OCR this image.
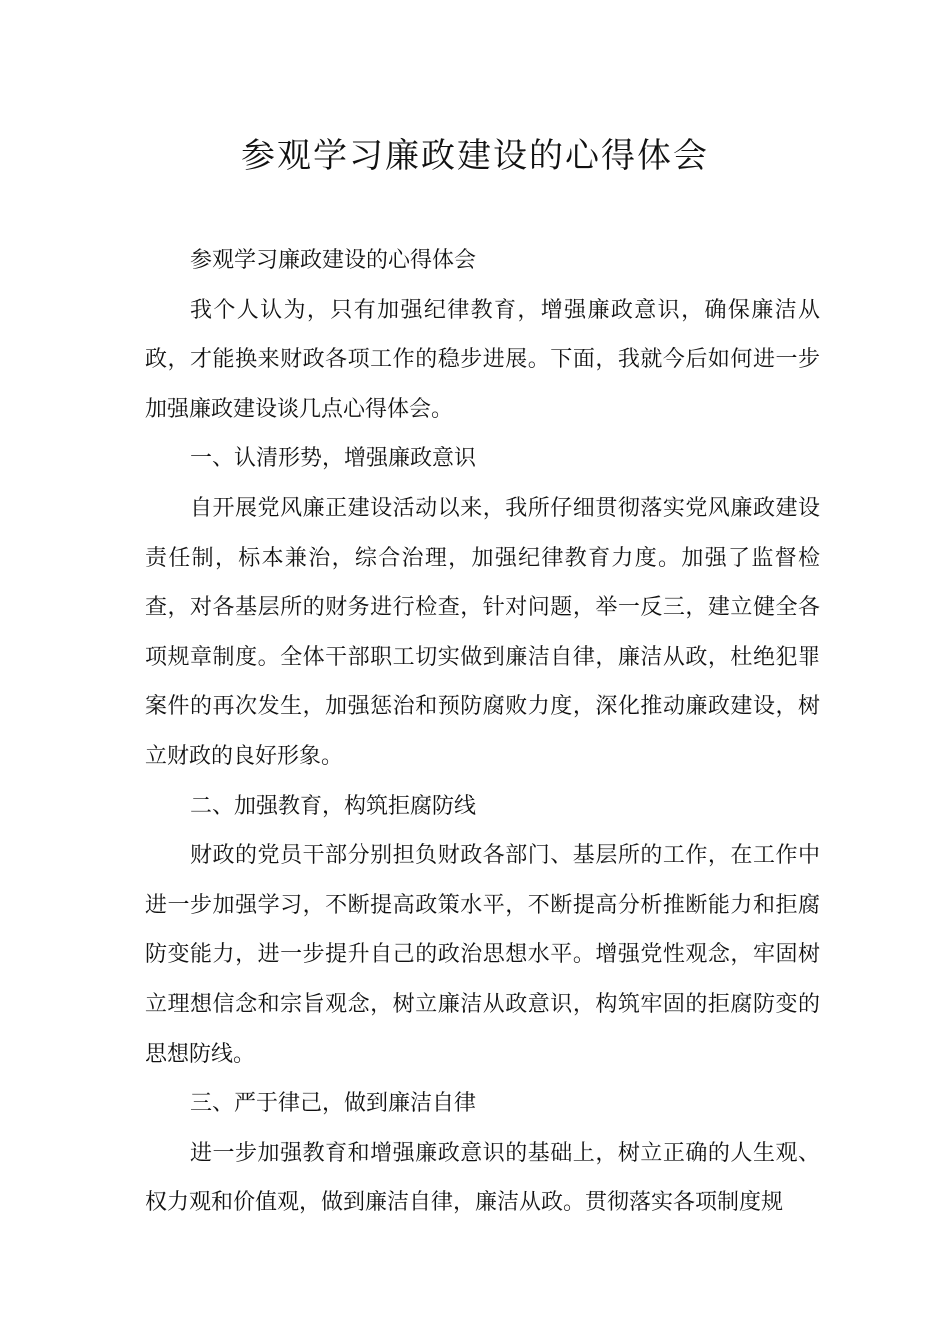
参观学习廉政建设的心得体会

参观学习廉政建设的心得体会

我个人认为，只有加强纪律教育，增强廉政意识，确保廉洁从政，才能换来财政各项工作的稳步进展。下面，我就今后如何进一步加强廉政建设谈几点心得体会。

一、认清形势，增强廉政意识

自开展党风廉正建设活动以来，我所仔细贯彻落实党风廉政建设责任制，标本兼治，综合治理，加强纪律教育力度。加强了监督检查，对各基层所的财务进行检查，针对问题，举一反三，建立健全各项规章制度。全体干部职工切实做到廉洁自律，廉洁从政，杜绝犯罪案件的再次发生，加强惩治和预防腐败力度，深化推动廉政建设，树立财政的良好形象。

二、加强教育，构筑拒腐防线

财政的党员干部分别担负财政各部门、基层所的工作，在工作中进一步加强学习，不断提高政策水平，不断提高分析推断能力和拒腐防变能力，进一步提升自己的政治思想水平。增强党性观念，牢固树立理想信念和宗旨观念，树立廉洁从政意识，构筑牢固的拒腐防变的思想防线。

三、严于律己，做到廉洁自律

进一步加强教育和增强廉政意识的基础上，树立正确的人生观、权力观和价值观，做到廉洁自律，廉洁从政。贯彻落实各项制度规
